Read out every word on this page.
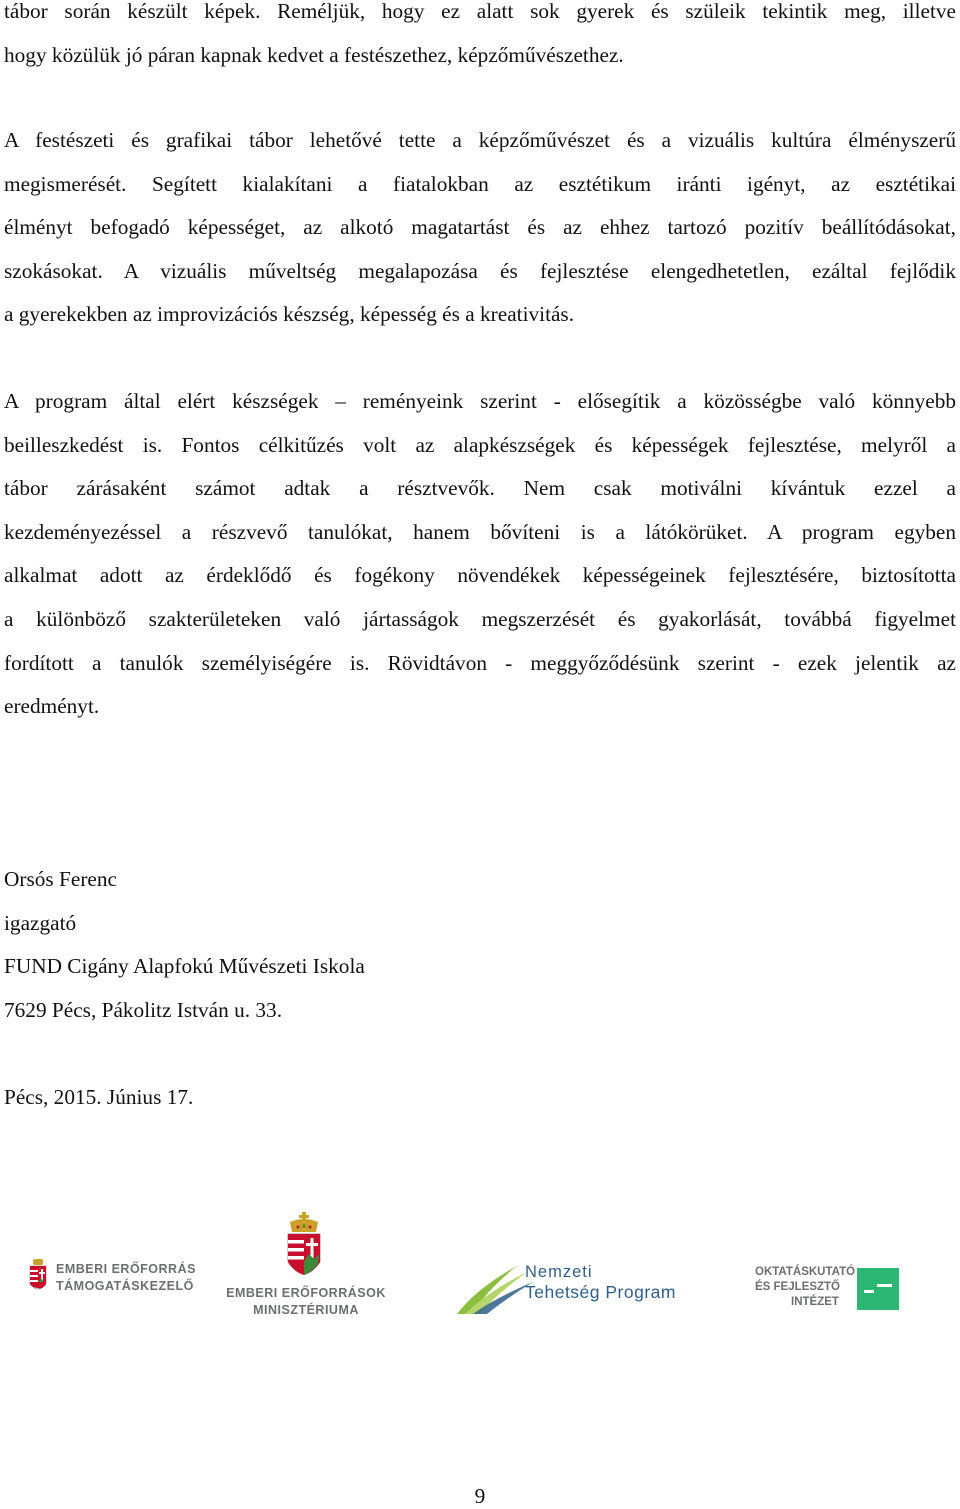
tábor során készült képek. Reméljük, hogy ez alatt sok gyerek és szüleik tekintik meg, illetve
hogy közülük jó páran kapnak kedvet a festészethez, képzőművészethez.
A festészeti és grafikai tábor lehetővé tette a képzőművészet és a vizuális kultúra élményszerű
megismerését. Segített kialakítani a fiatalokban az esztétikum iránti igényt, az esztétikai
élményt befogadó képességet, az alkotó magatartást és az ehhez tartozó pozitív beállítódásokat,
szokásokat. A vizuális műveltség megalapozása és fejlesztése elengedhetetlen, ezáltal fejlődik
a gyerekekben az improvizációs készség, képesség és a kreativitás.
A program által elért készségek – reményeink szerint - elősegítik a közösségbe való könnyebb
beilleszkedést is. Fontos célkitűzés volt az alapkészségek és képességek fejlesztése, melyről a
tábor zárásaként számot adtak a résztvevők. Nem csak motiválni kívántuk ezzel a
kezdeményezéssel a részvevő tanulókat, hanem bővíteni is a látókörüket. A program egyben
alkalmat adott az érdeklődő és fogékony növendékek képességeinek fejlesztésére, biztosította
a különböző szakterületeken való jártasságok megszerzését és gyakorlását, továbbá figyelmet
fordított a tanulók személyiségére is. Rövidtávon - meggyőződésünk szerint - ezek jelentik az
eredményt.
Orsós Ferenc
igazgató
FUND Cigány Alapfokú Művészeti Iskola
7629 Pécs, Pákolitz István u. 33.
Pécs, 2015. Június 17.
EMBERI ERŐFORRÁS
TÁMOGATÁSKEZELŐ	EMBERI ERŐFORRÁSOK
MINISZTÉRIUMA
Nemzeti
Tehetség Program
OKTATÁSKUTATÓ
ÉS FEJLESZTŐ
INTÉZET
9
